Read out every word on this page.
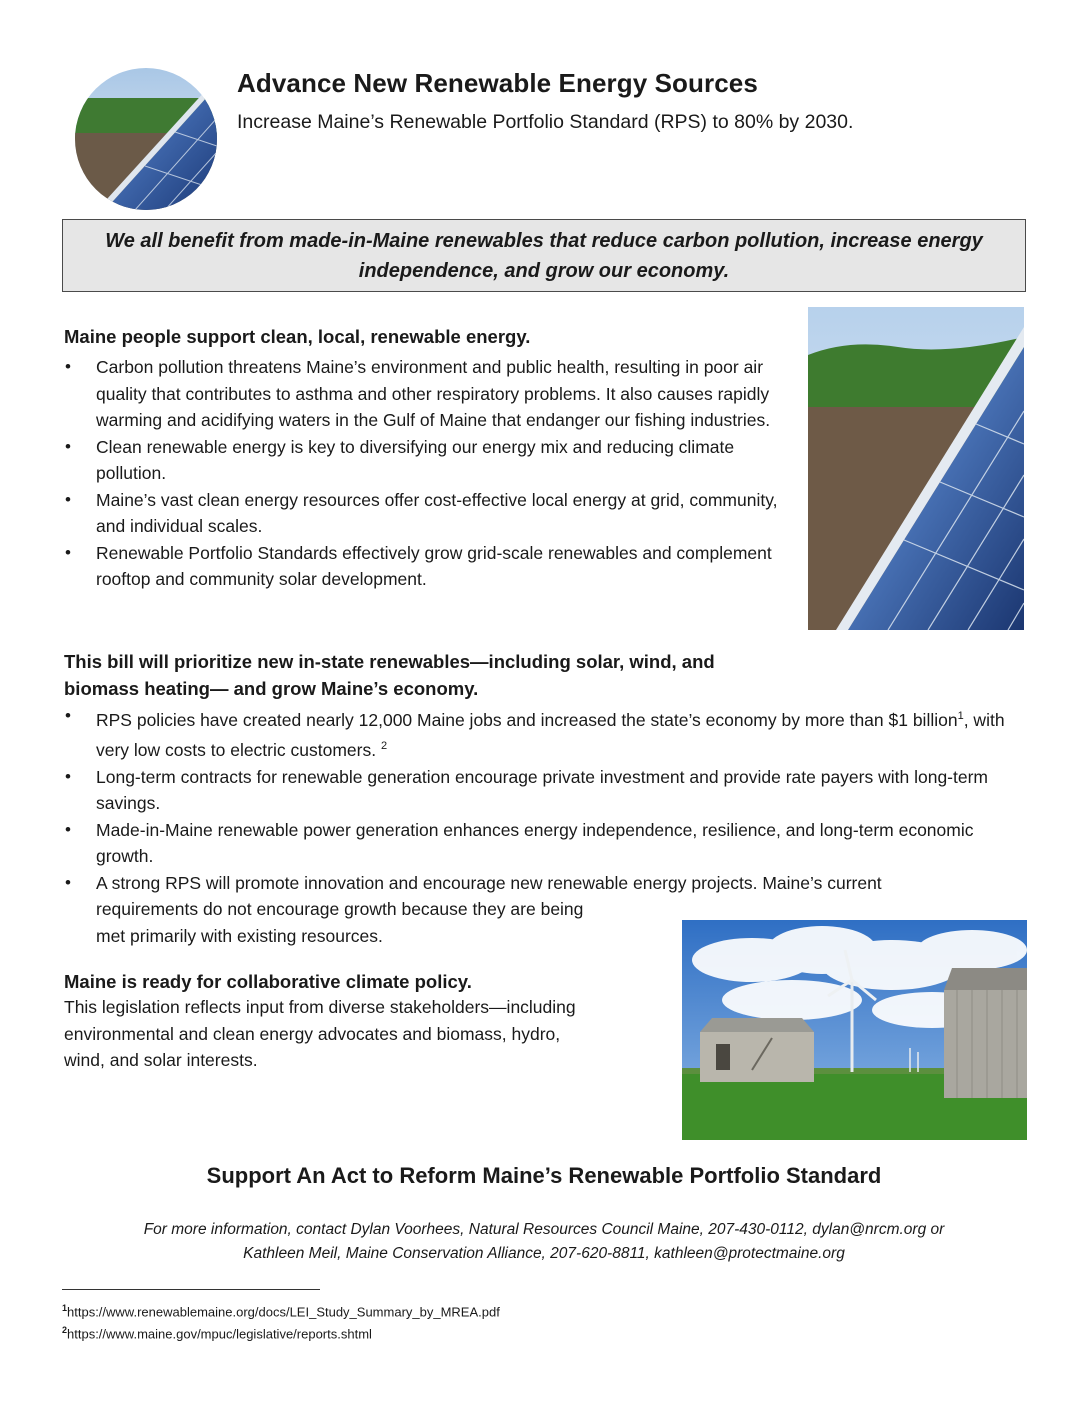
Advance New Renewable Energy Sources
Increase Maine’s Renewable Portfolio Standard (RPS) to 80% by 2030.
We all benefit from made-in-Maine renewables that reduce carbon pollution, increase energy independence, and grow our economy.
Maine people support clean, local, renewable energy.
• Carbon pollution threatens Maine’s environment and public health, resulting in poor air quality that contributes to asthma and other respiratory problems. It also causes rapidly warming and acidifying waters in the Gulf of Maine that endanger our fishing industries.
• Clean renewable energy is key to diversifying our energy mix and reducing climate pollution.
• Maine’s vast clean energy resources offer cost-effective local energy at grid, community, and individual scales.
• Renewable Portfolio Standards effectively grow grid-scale renewables and complement rooftop and community solar development.
This bill will prioritize new in-state renewables—including solar, wind, and
biomass heating— and grow Maine’s economy.
• RPS policies have created nearly 12,000 Maine jobs and increased the state’s economy by more than $1 billion$^1$, with very low costs to electric customers. $^2$
• Long-term contracts for renewable generation encourage private investment and provide rate payers with long-term savings.
• Made-in-Maine renewable power generation enhances energy independence, resilience, and long-term economic growth.
• A strong RPS will promote innovation and encourage new renewable energy projects. Maine’s current
requirements do not encourage growth because they are being
met primarily with existing resources.
Maine is ready for collaborative climate policy.
This legislation reflects input from diverse stakeholders—including
environmental and clean energy advocates and biomass, hydro,
wind, and solar interests.
Support An Act to Reform Maine’s Renewable Portfolio Standard
For more information, contact Dylan Voorhees, Natural Resources Council Maine, 207-430-0112, dylan@nrcm.org or
Kathleen Meil, Maine Conservation Alliance, 207-620-8811, kathleen@protectmaine.org
$^1$https://www.renewablemaine.org/docs/LEI_Study_Summary_by_MREA.pdf
$^2$https://www.maine.gov/mpuc/legislative/reports.shtml
